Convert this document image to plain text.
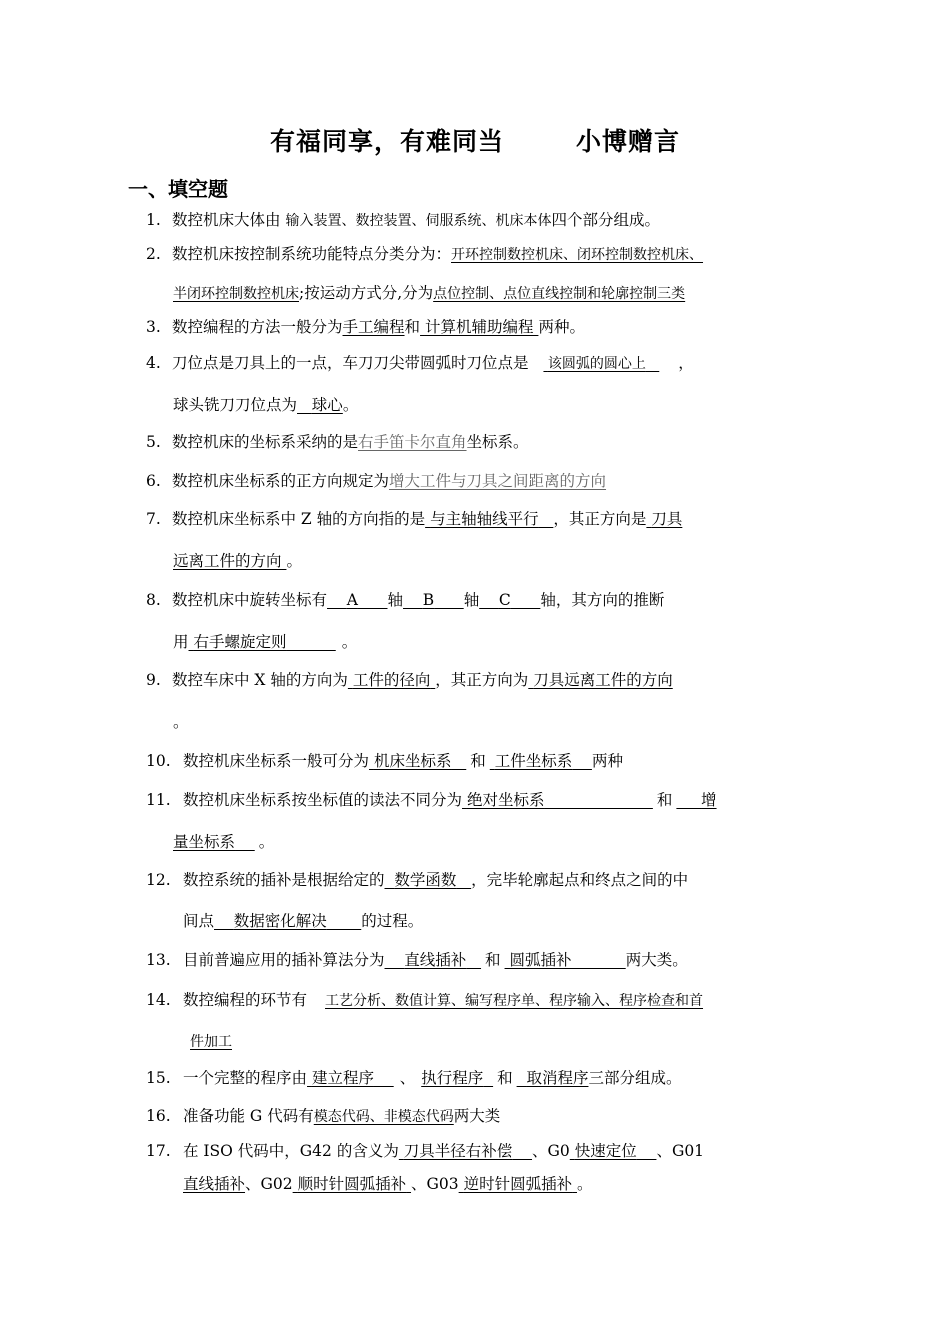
有福同享，有难同当	小博赠言
一、填空题
1. 数控机床大体由 输入装置、数控装置、伺服系统、机床本体四个部分组成。
2. 数控机床按控制系统功能特点分类分为：开环控制数控机床、闭环控制数控机床、
半闭环控制数控机床;按运动方式分,分为点位控制、点位直线控制和轮廓控制三类
3. 数控编程的方法一般分为手工编程和 计算机辅助编程 两种。
4. 刀位点是刀具上的一点，车刀刀尖带圆弧时刀位点是 该圆弧的圆心上 ，
球头铣刀刀位点为 球心。
5. 数控机床的坐标系采纳的是右手笛卡尔直角坐标系。
6. 数控机床坐标系的正方向规定为增大工件与刀具之间距离的方向
7. 数控机床坐标系中 Z 轴的方向指的是 与主轴轴线平行 ，其正方向是 刀具
远离工件的方向 。
8. 数控机床中旋转坐标有 A 轴 B 轴 C 轴，其方向的推断
用 右手螺旋定则	。
9. 数控车床中 X 轴的方向为 工件的径向 ，其正方向为 刀具远离工件的方向
。
10. 数控机床坐标系一般可分为 机床坐标系 和 工件坐标系 两种
11. 数控机床坐标系按坐标值的读法不同分为 绝对坐标系	和 增
量坐标系 。
12. 数控系统的插补是根据给定的 数学函数 ，完毕轮廓起点和终点之间的中
间点 数据密化解决 的过程。
13. 目前普遍应用的插补算法分为 直线插补 和 圆弧插补	两大类。
14. 数控编程的环节有 工艺分析、数值计算、编写程序单、程序输入、程序检查和首
件加工
15. 一个完整的程序由 建立程序 、 执行程序 和 取消程序三部分组成。
16. 准备功能 G 代码有模态代码、非模态代码两大类
17. 在 ISO 代码中，G42 的含义为 刀具半径右补偿 、G0 快速定位 、G01
直线插补、G02 顺时针圆弧插补 、G03 逆时针圆弧插补 。
